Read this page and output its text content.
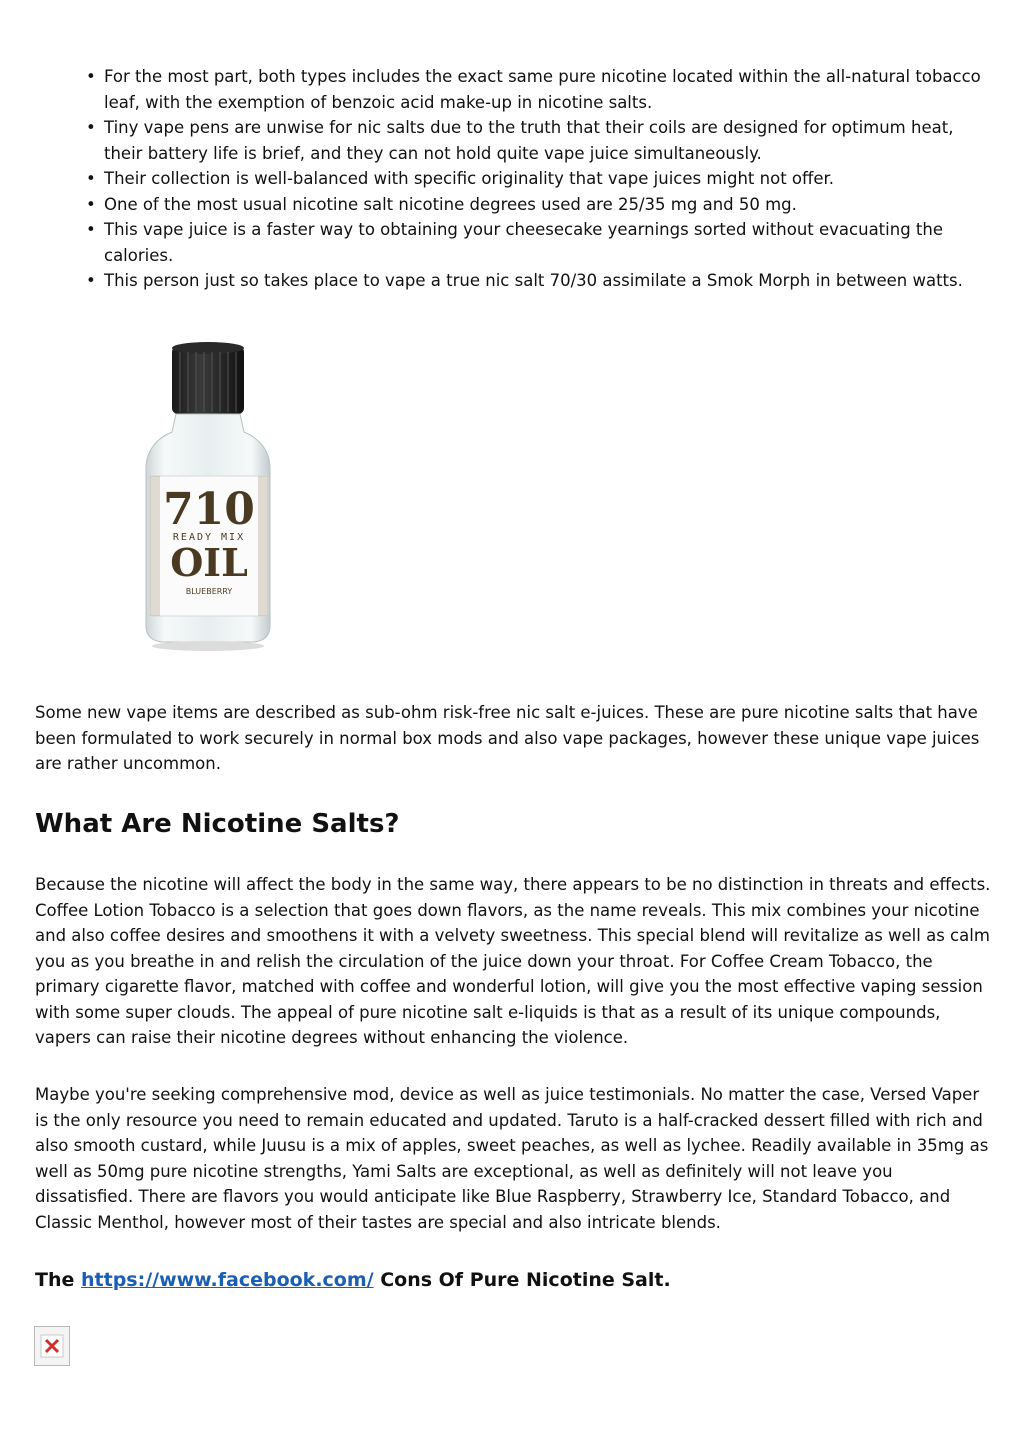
• For the most part, both types includes the exact same pure nicotine located within the all-natural tobacco leaf, with the exemption of benzoic acid make-up in nicotine salts.
• Tiny vape pens are unwise for nic salts due to the truth that their coils are designed for optimum heat, their battery life is brief, and they can not hold quite vape juice simultaneously.
• Their collection is well-balanced with specific originality that vape juices might not offer.
• One of the most usual nicotine salt nicotine degrees used are 25/35 mg and 50 mg.
• This vape juice is a faster way to obtaining your cheesecake yearnings sorted without evacuating the calories.
• This person just so takes place to vape a true nic salt 70/30 assimilate a Smok Morph in between watts.
710
READY MIX
OIL
BLUEBERRY

Some new vape items are described as sub-ohm risk-free nic salt e-juices. These are pure nicotine salts that have been formulated to work securely in normal box mods and also vape packages, however these unique vape juices are rather uncommon.

What Are Nicotine Salts?

Because the nicotine will affect the body in the same way, there appears to be no distinction in threats and effects. Coffee Lotion Tobacco is a selection that goes down flavors, as the name reveals. This mix combines your nicotine and also coffee desires and smoothens it with a velvety sweetness. This special blend will revitalize as well as calm you as you breathe in and relish the circulation of the juice down your throat. For Coffee Cream Tobacco, the primary cigarette flavor, matched with coffee and wonderful lotion, will give you the most effective vaping session with some super clouds. The appeal of pure nicotine salt e-liquids is that as a result of its unique compounds, vapers can raise their nicotine degrees without enhancing the violence.

Maybe you're seeking comprehensive mod, device as well as juice testimonials. No matter the case, Versed Vaper is the only resource you need to remain educated and updated. Taruto is a half-cracked dessert filled with rich and also smooth custard, while Juusu is a mix of apples, sweet peaches, as well as lychee. Readily available in 35mg as well as 50mg pure nicotine strengths, Yami Salts are exceptional, as well as definitely will not leave you dissatisfied. There are flavors you would anticipate like Blue Raspberry, Strawberry Ice, Standard Tobacco, and Classic Menthol, however most of their tastes are special and also intricate blends.

The https://www.facebook.com/ Cons Of Pure Nicotine Salt.
